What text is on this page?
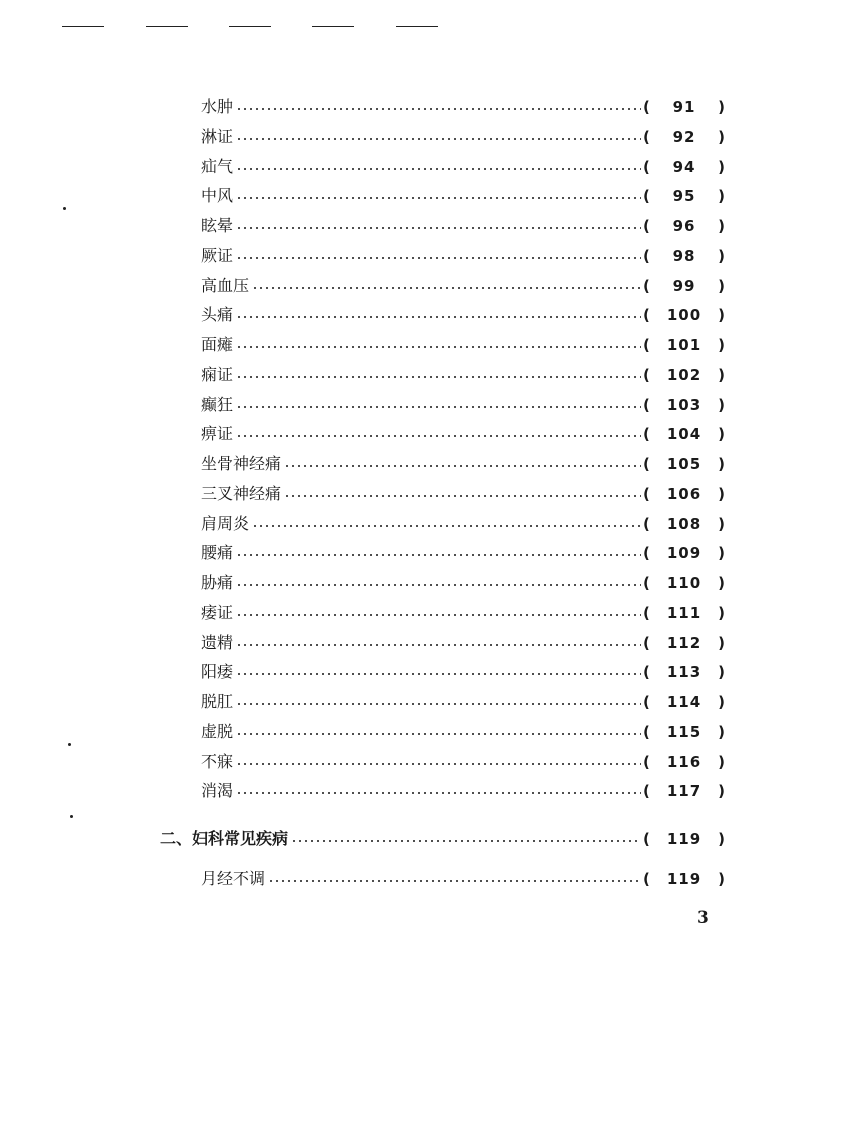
水肿	(	91	)
淋证	(	92	)
疝气	(	94	)
中风	(	95	)
眩晕	(	96	)
厥证	(	98	)
高血压	(	99	)
头痛	(	100	)
面瘫	(	101	)
痫证	(	102	)
癫狂	(	103	)
痹证	(	104	)
坐骨神经痛	(	105	)
三叉神经痛	(	106	)
肩周炎	(	108	)
腰痛	(	109	)
胁痛	(	110	)
痿证	(	111	)
遗精	(	112	)
阳痿	(	113	)
脱肛	(	114	)
虚脱	(	115	)
不寐	(	116	)
消渴	(	117	)
二、妇科常见疾病	(	119	)
月经不调	(	119	)
3
